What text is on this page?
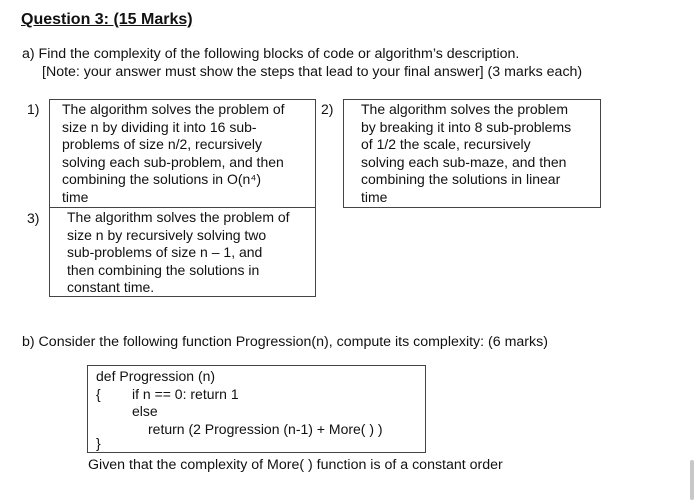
Question 3: (15 Marks)
a) Find the complexity of the following blocks of code or algorithm’s description.
[Note: your answer must show the steps that lead to your final answer] (3 marks each)
1) The algorithm solves the problem of
size n by dividing it into 16 sub-
problems of size n/2, recursively
solving each sub-problem, and then
combining the solutions in O(n⁴)
time
2) The algorithm solves the problem
by breaking it into 8 sub-problems
of 1/2 the scale, recursively
solving each sub-maze, and then
combining the solutions in linear
time
3) The algorithm solves the problem of
size n by recursively solving two
sub-problems of size n – 1, and
then combining the solutions in
constant time.
b) Consider the following function Progression(n), compute its complexity: (6 marks)
def Progression (n)
{ if n == 0: return 1
else
return (2 Progression (n-1) + More( ) )
}
Given that the complexity of More( ) function is of a constant order
